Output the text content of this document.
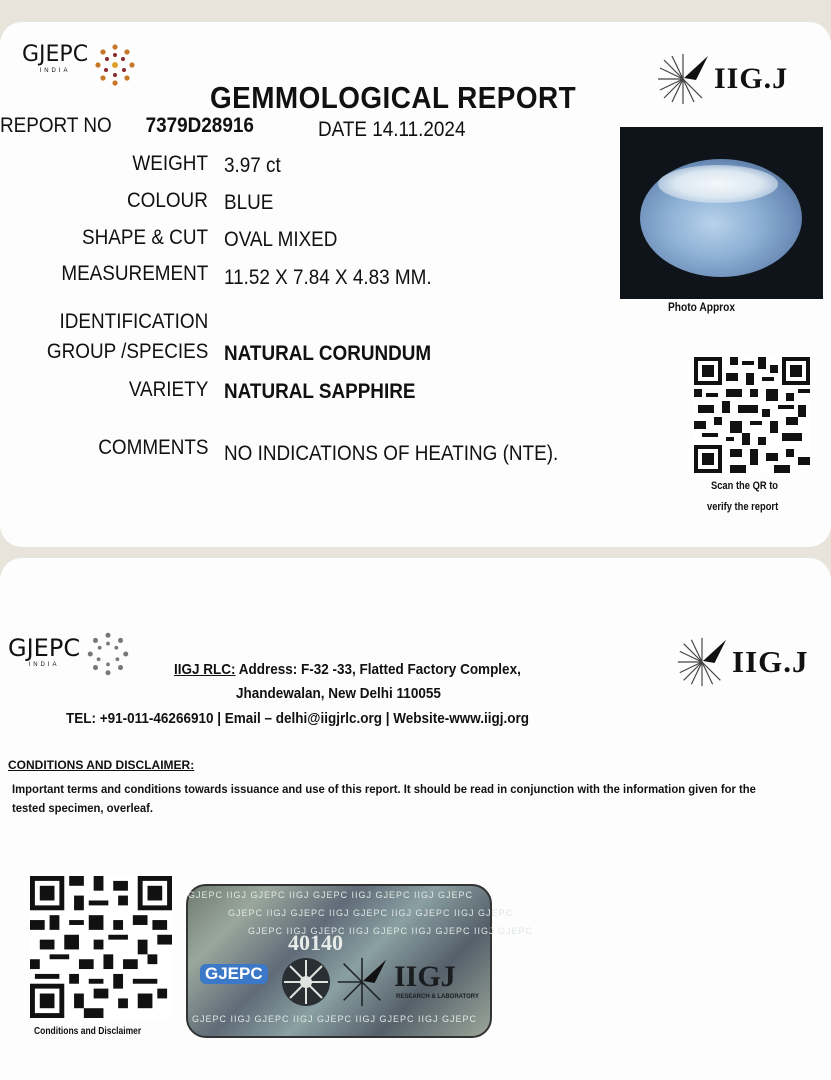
GJEPC
INDIA	IIG.J
GEMMOLOGICAL REPORT
REPORT NO 7379D28916	DATE 14.11.2024
WEIGHT 3.97 ct
COLOUR BLUE
SHAPE & CUT OVAL MIXED
MEASUREMENT 11.52 X 7.84 X 4.83 MM.
IDENTIFICATION
GROUP /SPECIES NATURAL CORUNDUM
VARIETY NATURAL SAPPHIRE
COMMENTS NO INDICATIONS OF HEATING (NTE).
Photo Approx
Scan the QR to
verify the report
GJEPC
INDIA	IIG.J
IIGJ RLC: Address: F-32 -33, Flatted Factory Complex,
Jhandewalan, New Delhi 110055
TEL: +91-011-46266910 | Email – delhi@iigjrlc.org | Website-www.iigj.org
CONDITIONS AND DISCLAIMER:
Important terms and conditions towards issuance and use of this report. It should be read in conjunction with the information given for the tested specimen, overleaf.
Conditions and Disclaimer
GJEPC IIGJ GJEPC IIGJ GJEPC IIGJ GJEPC IIGJ GJEPC
GJEPC IIGJ GJEPC IIGJ GJEPC IIGJ GJEPC IIGJ GJEPC
GJEPC IIGJ GJEPC IIGJ GJEPC IIGJ GJEPC IIGJ GJEPC
40140
GJEPC	IIGJ
RESEARCH & LABORATORY
GJEPC IIGJ GJEPC IIGJ GJEPC IIGJ GJEPC IIGJ GJEPC
